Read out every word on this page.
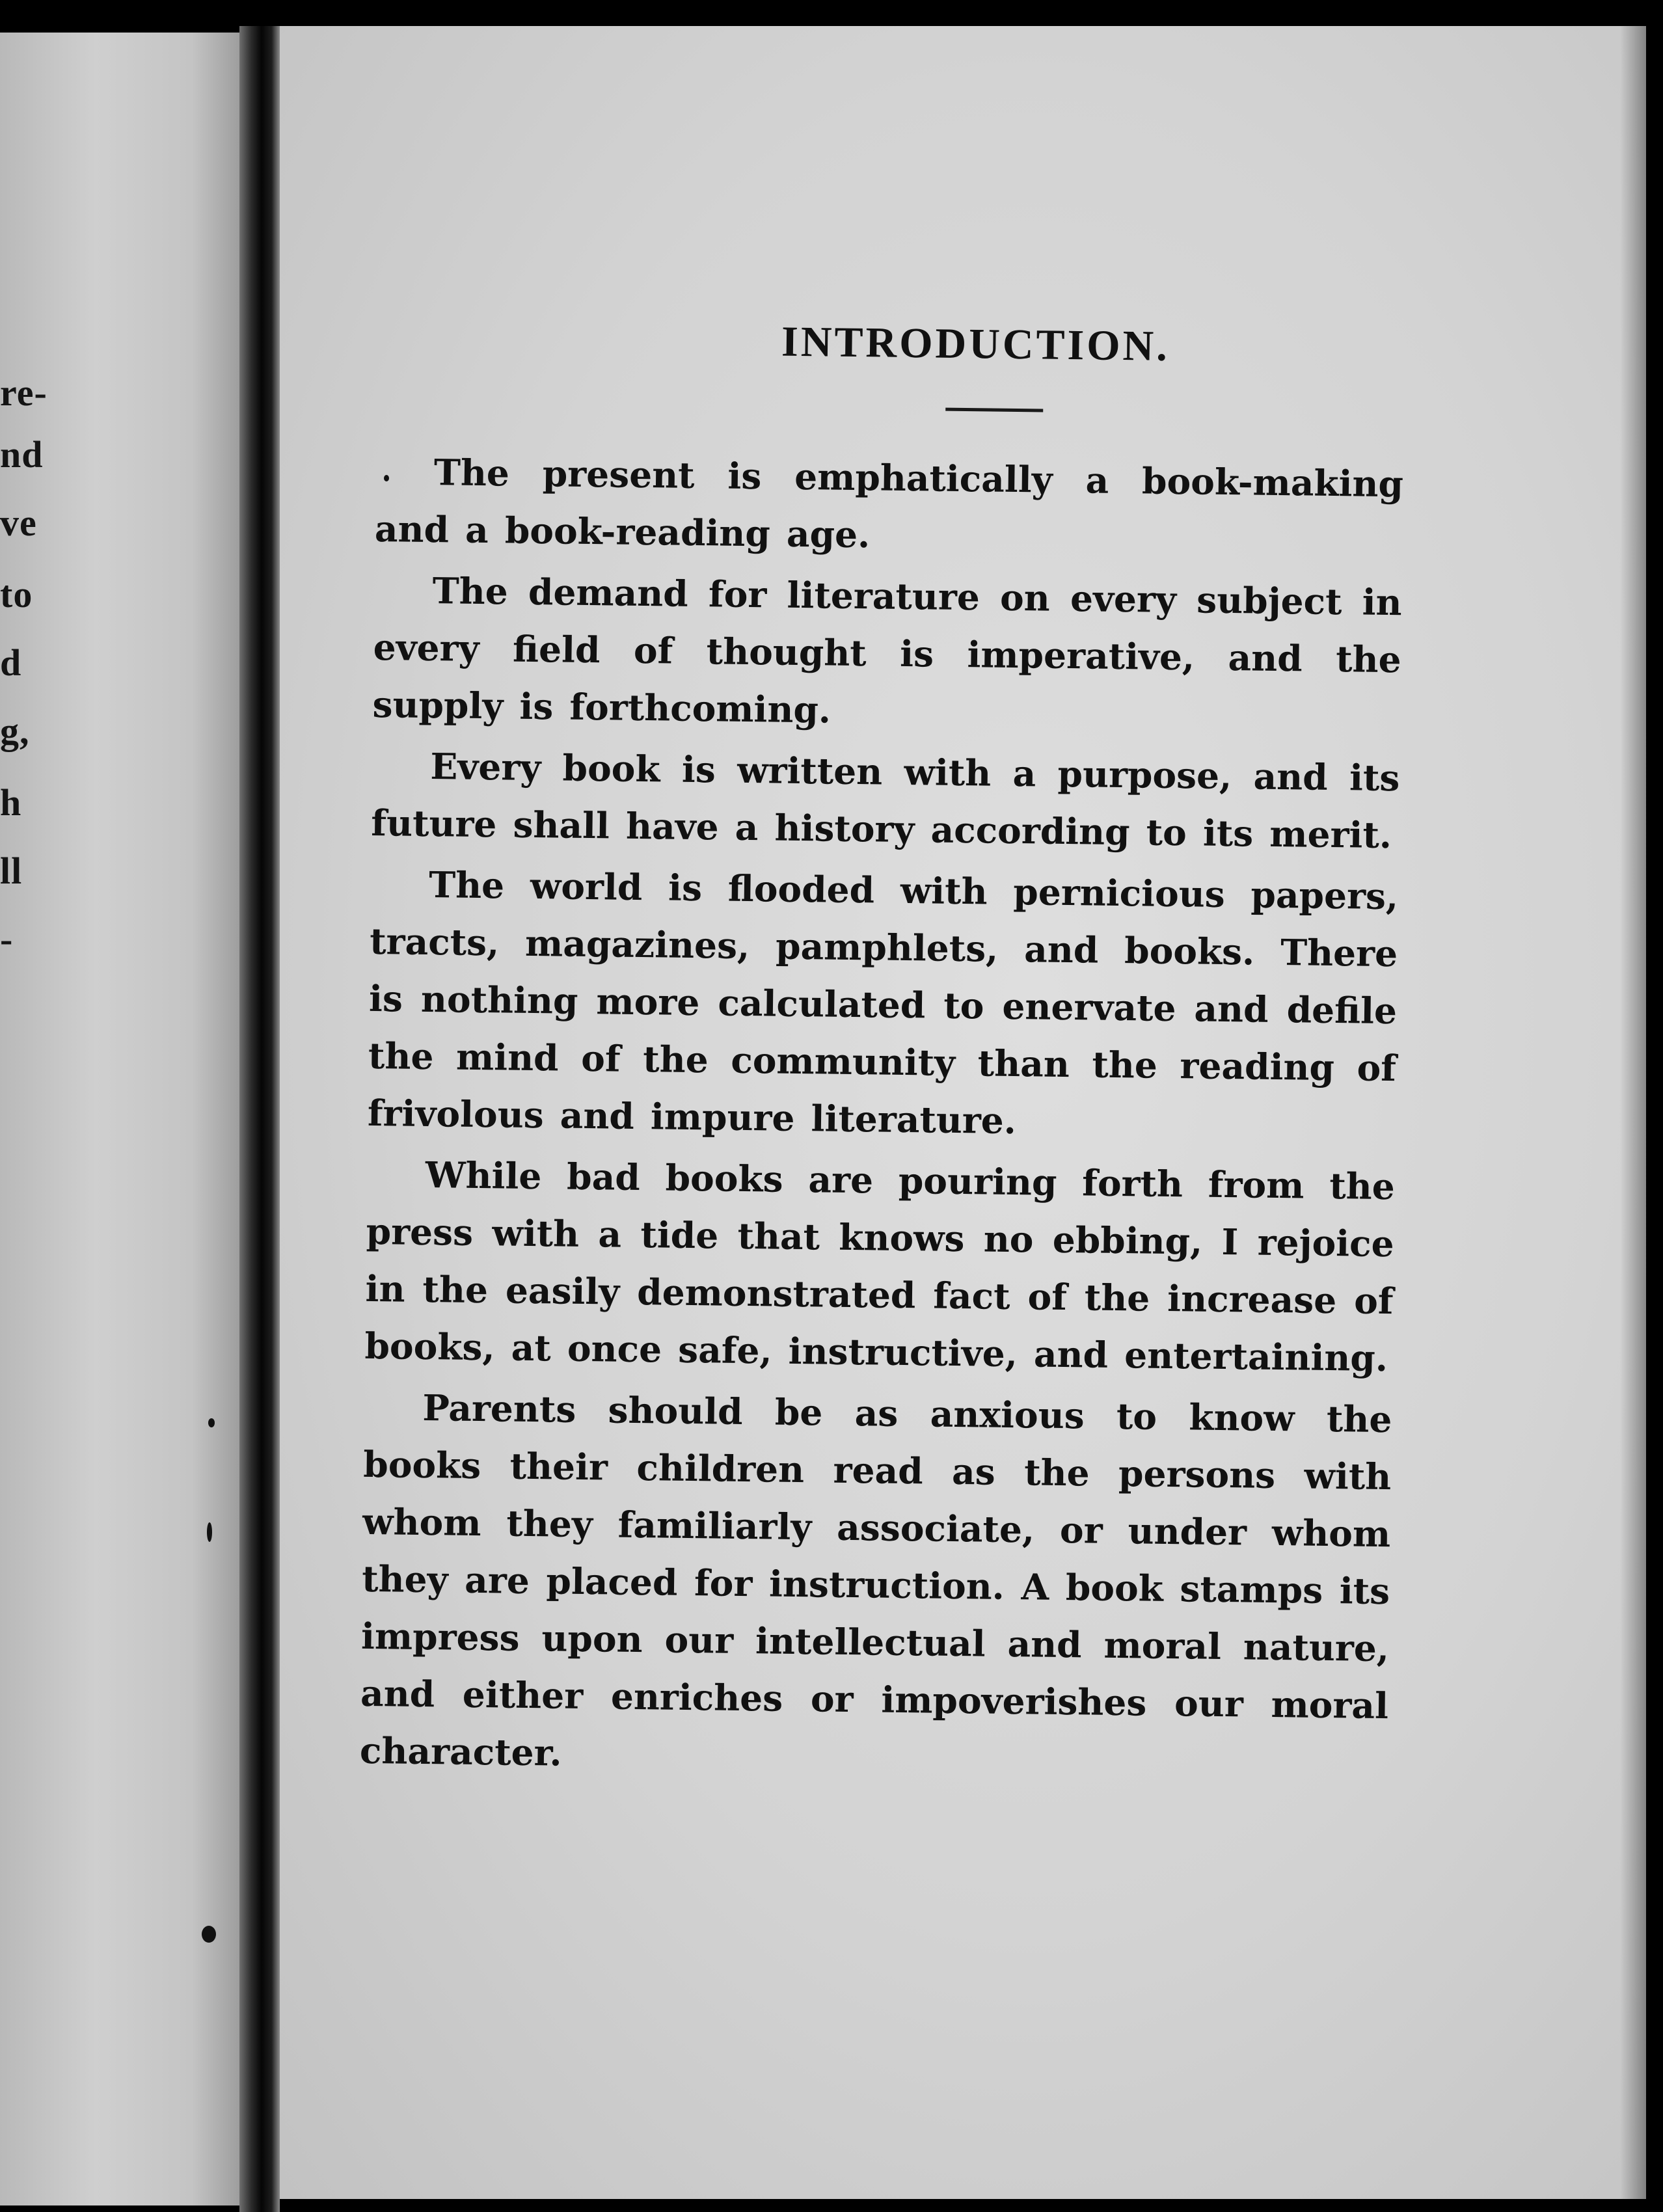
re-
nd
ve
to
d
g,
h
ll
-
INTRODUCTION.

The present is emphatically a book-making and a book-reading age.

The demand for literature on every subject in every field of thought is imperative, and the supply is forthcoming.

Every book is written with a purpose, and its future shall have a history according to its merit.

The world is flooded with pernicious papers, tracts, magazines, pamphlets, and books. There is nothing more calculated to enervate and defile the mind of the community than the reading of frivolous and impure literature.

While bad books are pouring forth from the press with a tide that knows no ebbing, I rejoice in the easily demonstrated fact of the increase of books, at once safe, instructive, and entertaining.

Parents should be as anxious to know the books their children read as the persons with whom they familiarly associate, or under whom they are placed for instruction. A book stamps its impress upon our intellectual and moral nature, and either enriches or impoverishes our moral character.
